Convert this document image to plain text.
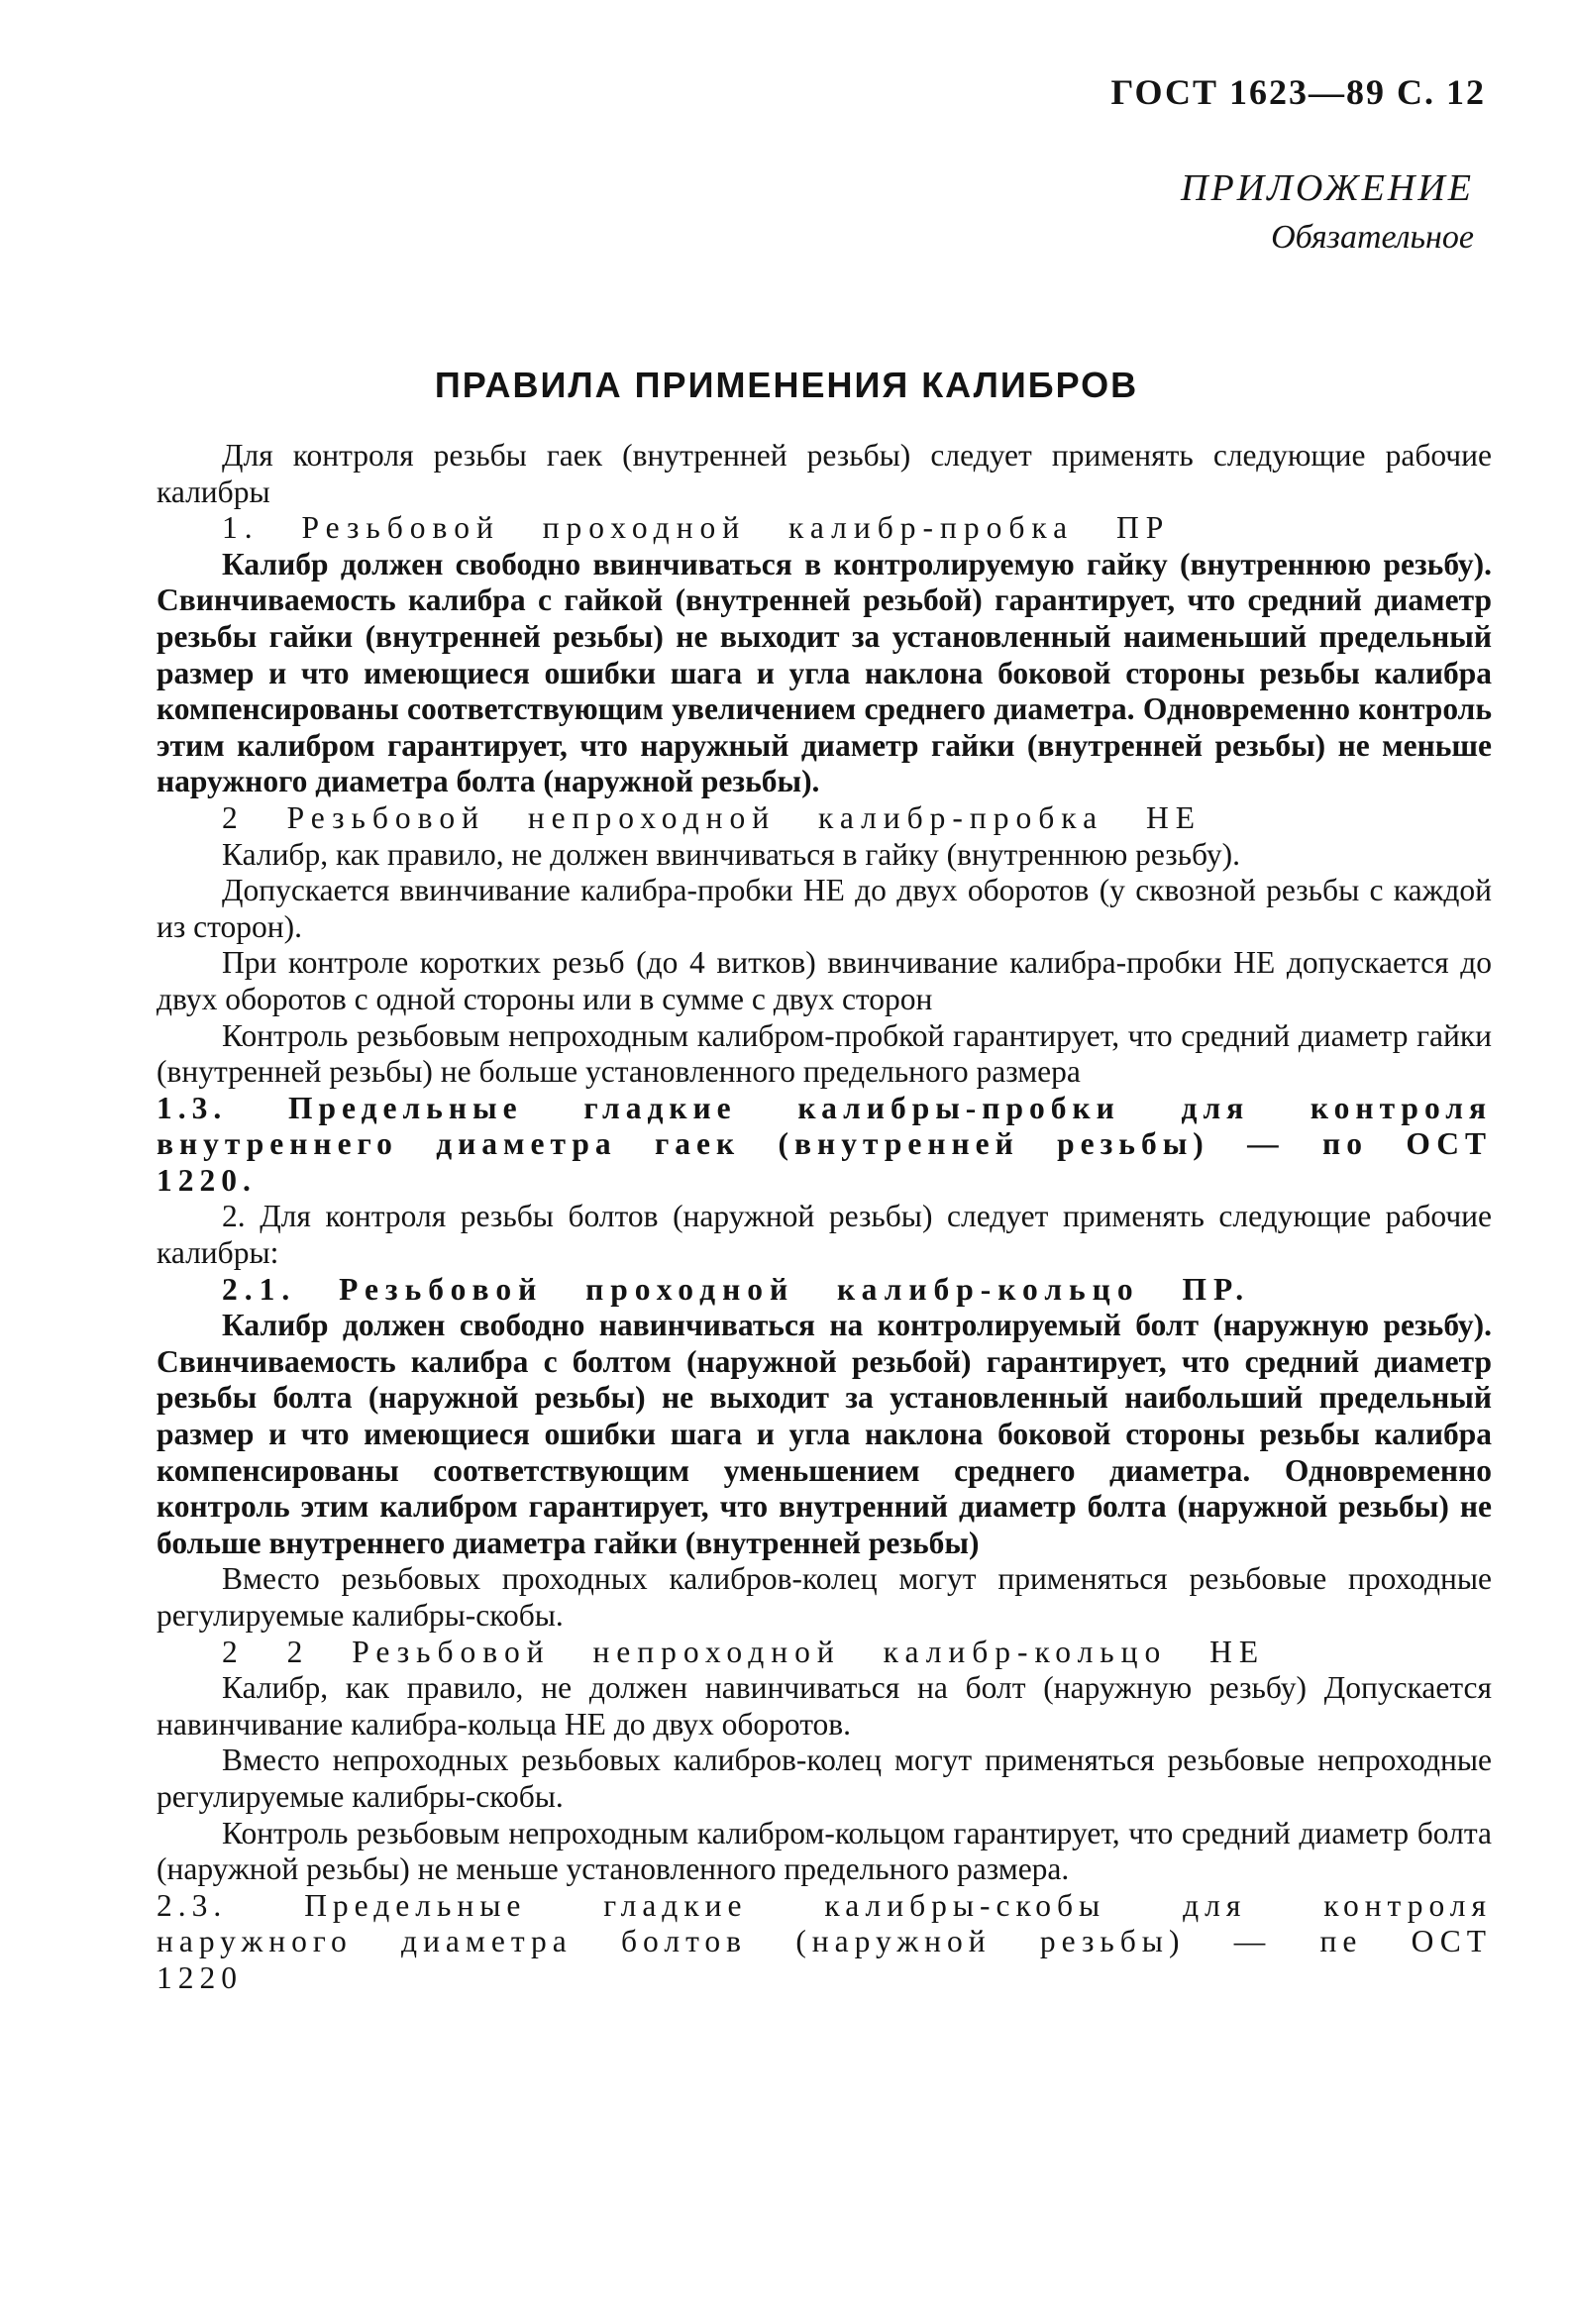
ГОСТ 1623—89 С. 12
ПРИЛОЖЕНИЕ
Обязательное
ПРАВИЛА ПРИМЕНЕНИЯ КАЛИБРОВ

Для контроля резьбы гаек (внутренней резьбы) следует применять следующие рабочие калибры

1. Резьбовой проходной калибр-пробка ПР

Калибр должен свободно ввинчиваться в контролируемую гайку (внутреннюю резьбу). Свинчиваемость калибра с гайкой (внутренней резьбой) гарантирует, что средний диаметр резьбы гайки (внутренней резьбы) не выходит за установленный наименьший предельный размер и что имеющиеся ошибки шага и угла наклона боковой стороны резьбы калибра компенсированы соответствующим увеличением среднего диаметра. Одновременно контроль этим калибром гарантирует, что наружный диаметр гайки (внутренней резьбы) не меньше наружного диаметра болта (наружной резьбы).

2 Резьбовой непроходной калибр-пробка НЕ

Калибр, как правило, не должен ввинчиваться в гайку (внутреннюю резьбу).

Допускается ввинчивание калибра-пробки НЕ до двух оборотов (у сквозной резьбы с каждой из сторон).

При контроле коротких резьб (до 4 витков) ввинчивание калибра-пробки НЕ допускается до двух оборотов с одной стороны или в сумме с двух сторон

Контроль резьбовым непроходным калибром-пробкой гарантирует, что средний диаметр гайки (внутренней резьбы) не больше установленного предельного размера

1.3. Предельные гладкие калибры-пробки для контроля внутреннего диаметра гаек (внутренней резьбы) — по ОСТ 1220.

2. Для контроля резьбы болтов (наружной резьбы) следует применять следующие рабочие калибры:

2.1. Резьбовой проходной калибр-кольцо ПР.

Калибр должен свободно навинчиваться на контролируемый болт (наружную резьбу). Свинчиваемость калибра с болтом (наружной резьбой) гарантирует, что средний диаметр резьбы болта (наружной резьбы) не выходит за установленный наибольший предельный размер и что имеющиеся ошибки шага и угла наклона боковой стороны резьбы калибра компенсированы соответствующим уменьшением среднего диаметра. Одновременно контроль этим калибром гарантирует, что внутренний диаметр болта (наружной резьбы) не больше внутреннего диаметра гайки (внутренней резьбы)

Вместо резьбовых проходных калибров-колец могут применяться резьбовые проходные регулируемые калибры-скобы.

2 2 Резьбовой непроходной калибр-кольцо НЕ

Калибр, как правило, не должен навинчиваться на болт (наружную резьбу) Допускается навинчивание калибра-кольца НЕ до двух оборотов.

Вместо непроходных резьбовых калибров-колец могут применяться резьбовые непроходные регулируемые калибры-скобы.

Контроль резьбовым непроходным калибром-кольцом гарантирует, что средний диаметр болта (наружной резьбы) не меньше установленного предельного размера.

2.3. Предельные гладкие калибры-скобы для контроля наружного диаметра болтов (наружной резьбы) — пе ОСТ 1220
